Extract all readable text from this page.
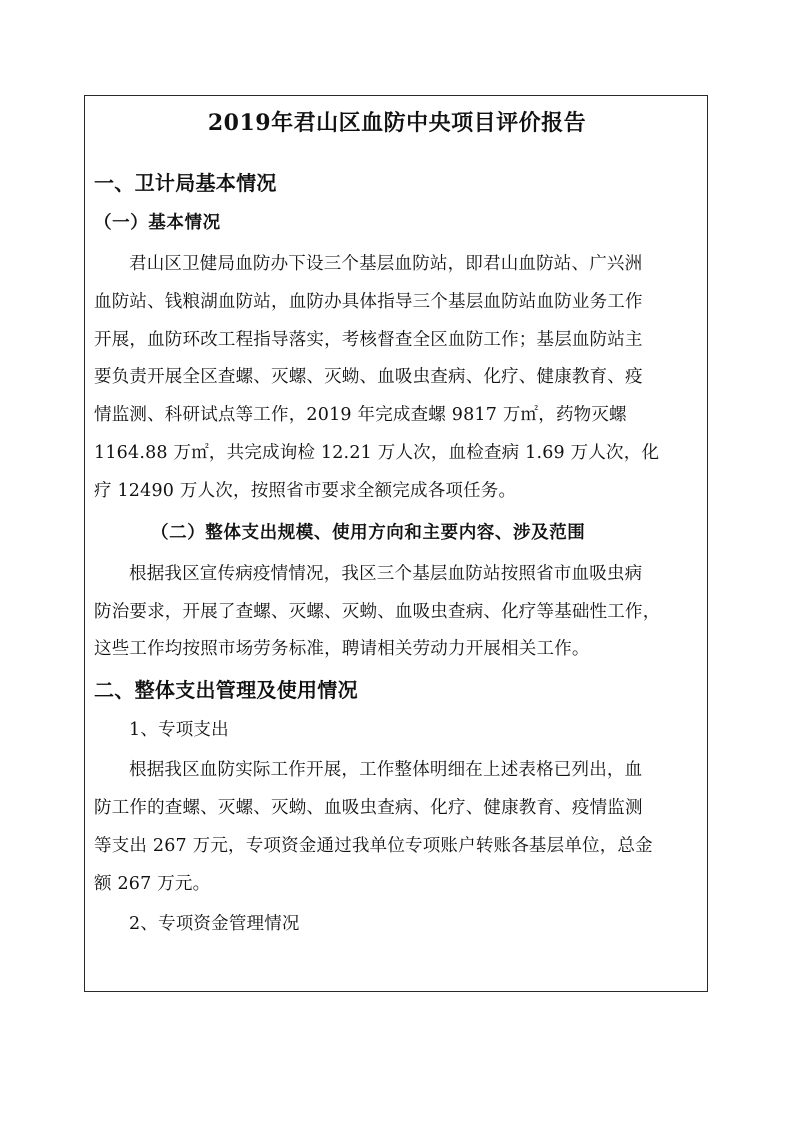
2019年君山区血防中央项目评价报告
一、卫计局基本情况
（一）基本情况
君山区卫健局血防办下设三个基层血防站，即君山血防站、广兴洲
血防站、钱粮湖血防站，血防办具体指导三个基层血防站血防业务工作
开展，血防环改工程指导落实，考核督查全区血防工作；基层血防站主
要负责开展全区查螺、灭螺、灭蚴、血吸虫查病、化疗、健康教育、疫
情监测、科研试点等工作，2019 年完成查螺 9817 万㎡，药物灭螺
1164.88 万㎡，共完成询检 12.21 万人次，血检查病 1.69 万人次，化
疗 12490 万人次，按照省市要求全额完成各项任务。
（二）整体支出规模、使用方向和主要内容、涉及范围
根据我区宣传病疫情情况，我区三个基层血防站按照省市血吸虫病
防治要求，开展了查螺、灭螺、灭蚴、血吸虫查病、化疗等基础性工作，
这些工作均按照市场劳务标准，聘请相关劳动力开展相关工作。
二、整体支出管理及使用情况
1、专项支出
根据我区血防实际工作开展，工作整体明细在上述表格已列出，血
防工作的查螺、灭螺、灭蚴、血吸虫查病、化疗、健康教育、疫情监测
等支出 267 万元，专项资金通过我单位专项账户转账各基层单位，总金
额 267 万元。
2、专项资金管理情况
